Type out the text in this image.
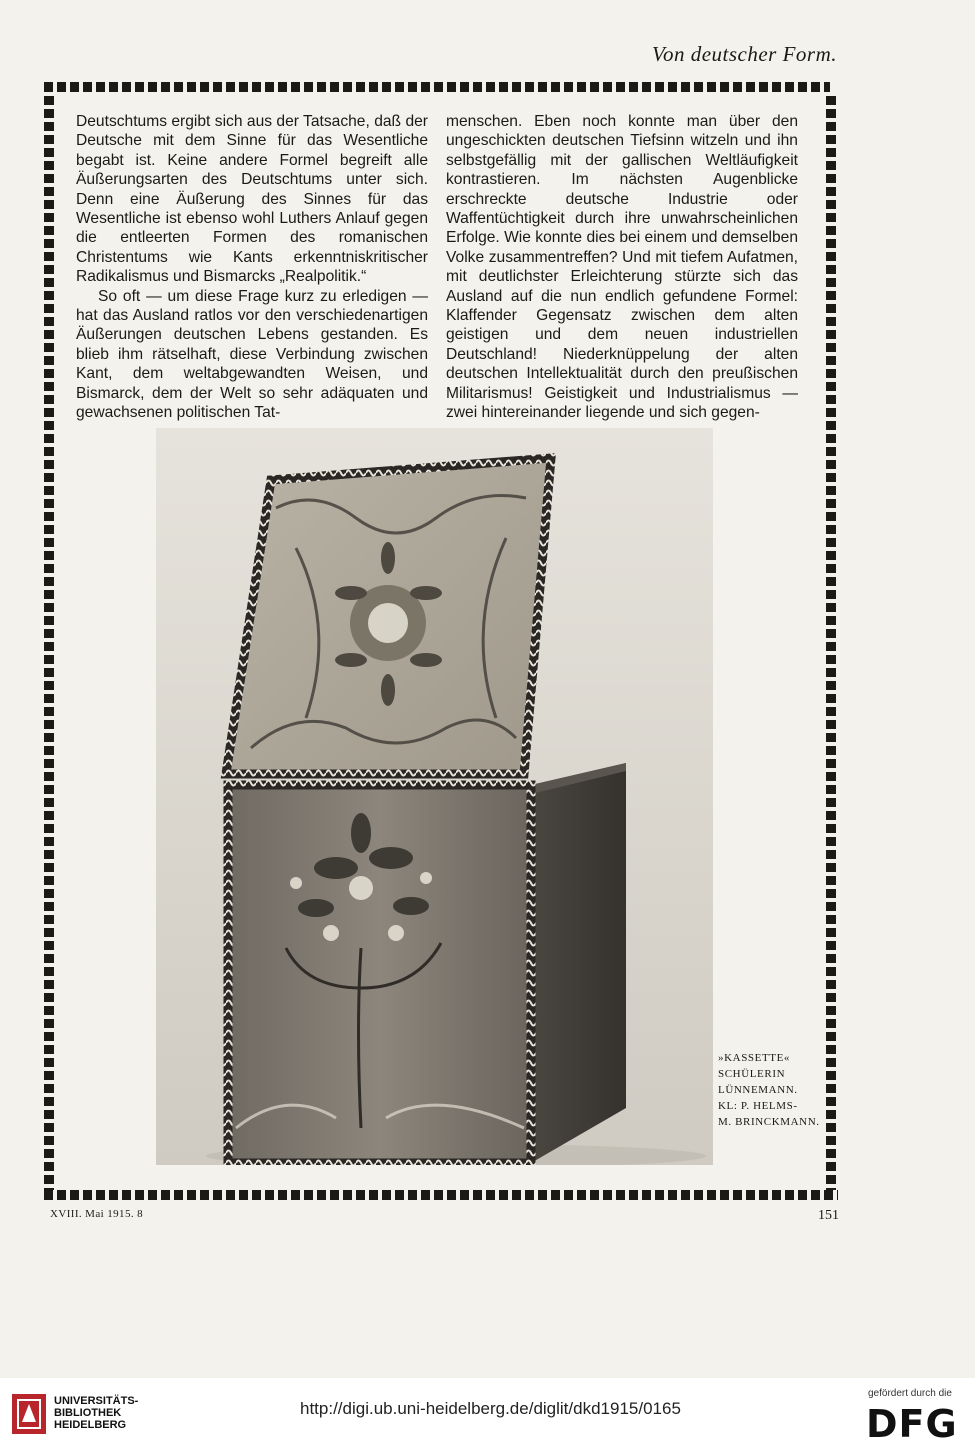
Von deutscher Form.

Deutschtums ergibt sich aus der Tatsache, daß der Deutsche mit dem Sinne für das Wesentliche begabt ist. Keine andere Formel begreift alle Äußerungsarten des Deutschtums unter sich. Denn eine Äußerung des Sinnes für das Wesentliche ist ebenso wohl Luthers Anlauf gegen die entleerten Formen des romanischen Christentums wie Kants erkenntniskritischer Radikalismus und Bismarcks „Realpolitik.“

So oft — um diese Frage kurz zu erledigen — hat das Ausland ratlos vor den verschiedenartigen Äußerungen deutschen Lebens gestanden. Es blieb ihm rätselhaft, diese Verbindung zwischen Kant, dem weltabgewandten Weisen, und Bismarck, dem der Welt so sehr adäquaten und gewachsenen politischen Tat-

menschen. Eben noch konnte man über den ungeschickten deutschen Tiefsinn witzeln und ihn selbstgefällig mit der gallischen Weltläufigkeit kontrastieren. Im nächsten Augenblicke erschreckte deutsche Industrie oder Waffentüchtigkeit durch ihre unwahrscheinlichen Erfolge. Wie konnte dies bei einem und demselben Volke zusammentreffen? Und mit tiefem Aufatmen, mit deutlichster Erleichterung stürzte sich das Ausland auf die nun endlich gefundene Formel: Klaffender Gegensatz zwischen dem alten geistigen und dem neuen industriellen Deutschland! Niederknüppelung der alten deutschen Intellektualität durch den preußischen Militarismus! Geistigkeit und Industrialismus — zwei hintereinander liegende und sich gegen-

»KASSETTE«
SCHÜLERIN
LÜNNEMANN.
KL: P. HELMS-
M. BRINCKMANN.
XVIII. Mai 1915. 8	151
UNIVERSITÄTS-
BIBLIOTHEK
HEIDELBERG
http://digi.ub.uni-heidelberg.de/diglit/dkd1915/0165
gefördert durch die
DFG
